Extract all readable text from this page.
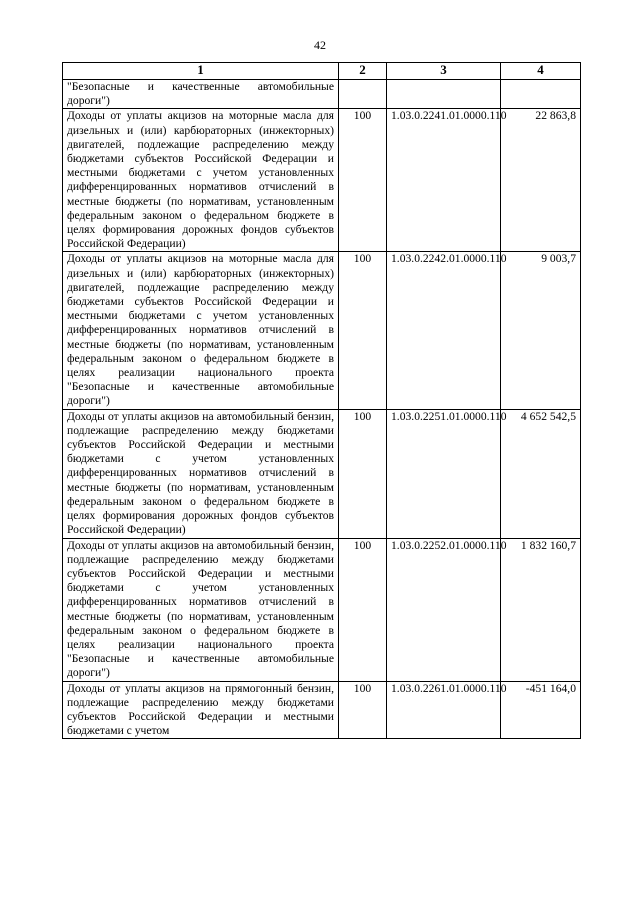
42
1	2	3	4
"Безопасные и качественные автомобильные дороги")			

Доходы от уплаты акцизов на моторные масла для дизельных и (или) карбюраторных (инжекторных) двигателей, подлежащие распределению между бюджетами субъектов Российской Федерации и местными бюджетами с учетом установленных дифференцированных нормативов отчислений в местные бюджеты (по нормативам, установленным федеральным законом о федеральном бюджете в целях формирования дорожных фондов субъектов Российской Федерации)	100	1.03.0.2241.01.0000.110	22 863,8

Доходы от уплаты акцизов на моторные масла для дизельных и (или) карбюраторных (инжекторных) двигателей, подлежащие распределению между бюджетами субъектов Российской Федерации и местными бюджетами с учетом установленных дифференцированных нормативов отчислений в местные бюджеты (по нормативам, установленным федеральным законом о федеральном бюджете в целях реализации национального проекта "Безопасные и качественные автомобильные дороги")	100	1.03.0.2242.01.0000.110	9 003,7

Доходы от уплаты акцизов на автомобильный бензин, подлежащие распределению между бюджетами субъектов Российской Федерации и местными бюджетами с учетом установленных дифференцированных нормативов отчислений в местные бюджеты (по нормативам, установленным федеральным законом о федеральном бюджете в целях формирования дорожных фондов субъектов Российской Федерации)	100	1.03.0.2251.01.0000.110	4 652 542,5

Доходы от уплаты акцизов на автомобильный бензин, подлежащие распределению между бюджетами субъектов Российской Федерации и местными бюджетами с учетом установленных дифференцированных нормативов отчислений в местные бюджеты (по нормативам, установленным федеральным законом о федеральном бюджете в целях реализации национального проекта "Безопасные и качественные автомобильные дороги")	100	1.03.0.2252.01.0000.110	1 832 160,7

Доходы от уплаты акцизов на прямогонный бензин, подлежащие распределению между бюджетами субъектов Российской Федерации и местными бюджетами с учетом	100	1.03.0.2261.01.0000.110	-451 164,0
